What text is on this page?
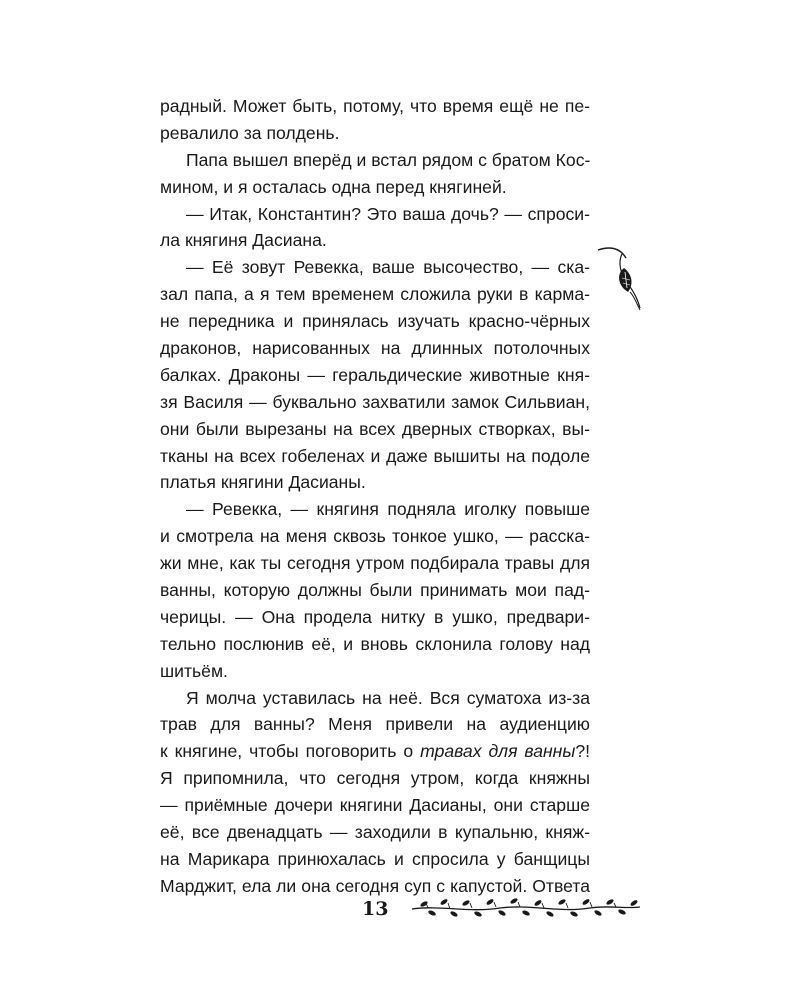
радный. Может быть, потому, что время ещё не пе-
ревалило за полдень.
Папа вышел вперёд и встал рядом с братом Кос-
мином, и я осталась одна перед княгиней.
— Итак, Константин? Это ваша дочь? — спроси-
ла княгиня Дасиана.
— Её зовут Ревекка, ваше высочество, — ска-
зал папа, а я тем временем сложила руки в карма-
не передника и принялась изучать красно-чёрных
драконов, нарисованных на длинных потолочных
балках. Драконы — геральдические животные кня-
зя Василя — буквально захватили замок Сильвиан,
они были вырезаны на всех дверных створках, вы-
тканы на всех гобеленах и даже вышиты на подоле
платья княгини Дасианы.
— Ревекка, — княгиня подняла иголку повыше
и смотрела на меня сквозь тонкое ушко, — расска-
жи мне, как ты сегодня утром подбирала травы для
ванны, которую должны были принимать мои пад-
черицы. — Она продела нитку в ушко, предвари-
тельно послюнив её, и вновь склонила голову над
шитьём.
Я молча уставилась на неё. Вся суматоха из-за
трав для ванны? Меня привели на аудиенцию
к княгине, чтобы поговорить о травах для ванны?!
Я припомнила, что сегодня утром, когда княжны
— приёмные дочери княгини Дасианы, они старше
её, все двенадцать — заходили в купальню, княж-
на Марикара принюхалась и спросила у банщицы
Марджит, ела ли она сегодня суп с капустой. Ответа
13
